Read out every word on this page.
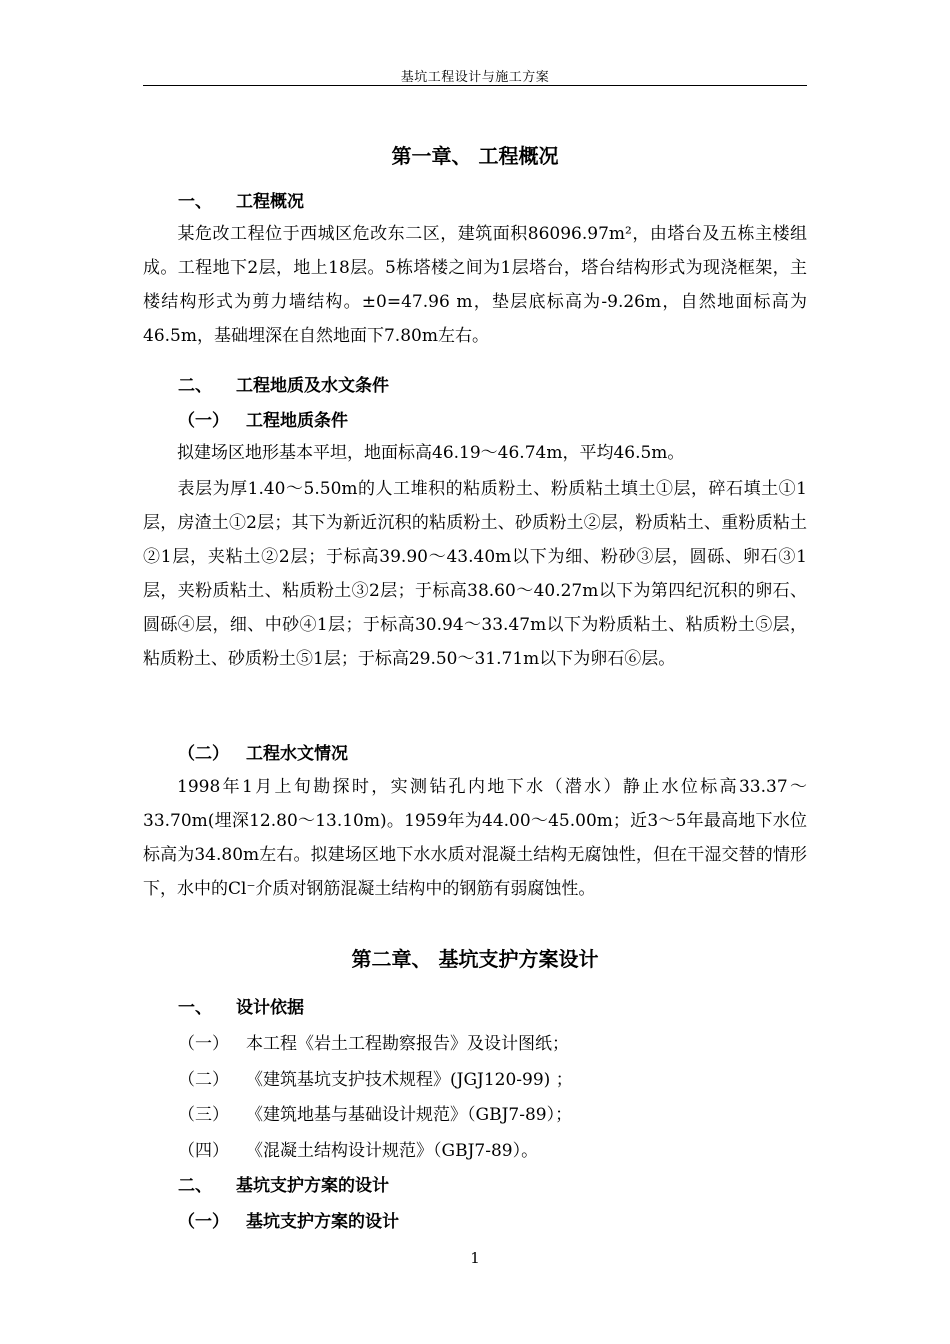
基坑工程设计与施工方案
第一章、 工程概况
一、 工程概况
某危改工程位于西城区危改东二区，建筑面积86096.97m²，由塔台及五栋主楼组成。工程地下2层，地上18层。5栋塔楼之间为1层塔台，塔台结构形式为现浇框架，主楼结构形式为剪力墙结构。±0=47.96 m，垫层底标高为-9.26m，自然地面标高为46.5m，基础埋深在自然地面下7.80m左右。
二、 工程地质及水文条件
（一） 工程地质条件
拟建场区地形基本平坦，地面标高46.19～46.74m，平均46.5m。
表层为厚1.40～5.50m的人工堆积的粘质粉土、粉质粘土填土①层，碎石填土①1层，房渣土①2层；其下为新近沉积的粘质粉土、砂质粉土②层，粉质粘土、重粉质粘土②1层，夹粘土②2层；于标高39.90～43.40m以下为细、粉砂③层，圆砾、卵石③1层，夹粉质粘土、粘质粉土③2层；于标高38.60～40.27m以下为第四纪沉积的卵石、圆砾④层，细、中砂④1层；于标高30.94～33.47m以下为粉质粘土、粘质粉土⑤层，粘质粉土、砂质粉土⑤1层；于标高29.50～31.71m以下为卵石⑥层。
（二） 工程水文情况
1998年1月上旬勘探时，实测钻孔内地下水（潜水）静止水位标高33.37～33.70m(埋深12.80～13.10m)。1959年为44.00～45.00m；近3～5年最高地下水位标高为34.80m左右。拟建场区地下水水质对混凝土结构无腐蚀性，但在干湿交替的情形下，水中的Cl⁻介质对钢筋混凝土结构中的钢筋有弱腐蚀性。
第二章、 基坑支护方案设计
一、 设计依据
（一） 本工程《岩土工程勘察报告》及设计图纸；
（二） 《建筑基坑支护技术规程》(JGJ120-99) ；
（三） 《建筑地基与基础设计规范》（GBJ7-89）；
（四） 《混凝土结构设计规范》（GBJ7-89）。
二、 基坑支护方案的设计
（一） 基坑支护方案的设计
1
